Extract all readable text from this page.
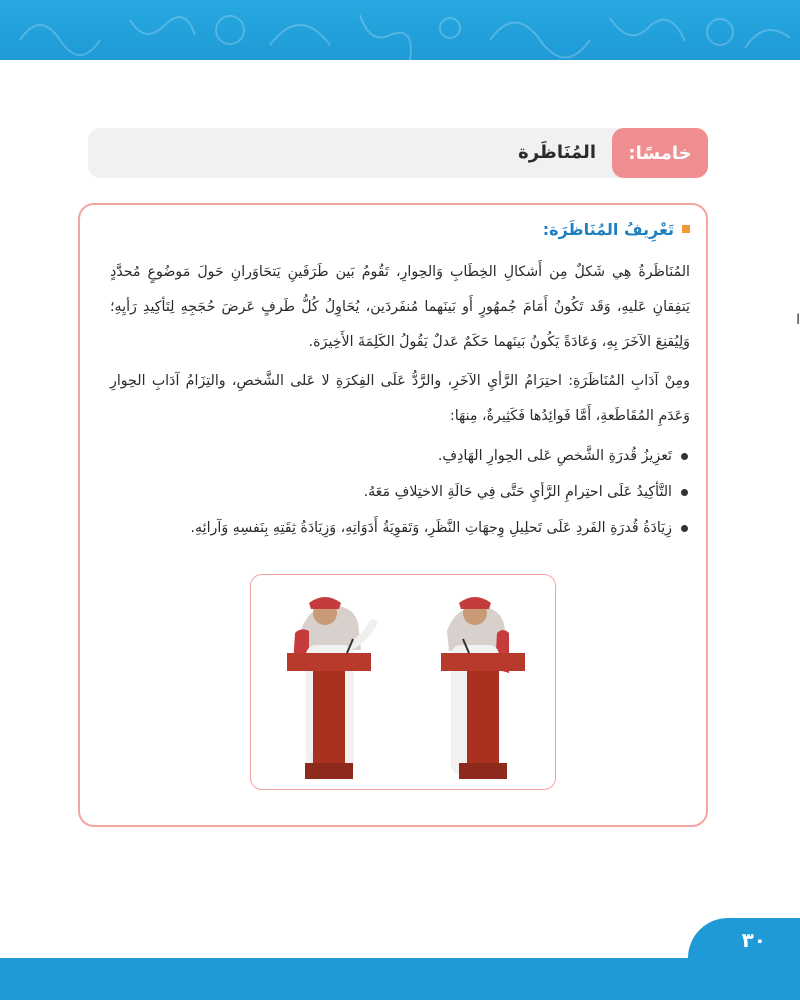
خامسًا:
المُنَاظَرة
تَعْرِيفُ المُنَاظَرَة:

المُنَاظَرةُ هِي شَكلٌ مِن أَشكالِ الخِطَابِ وَالحِوارِ، تَقُومُ بَين طَرَفَينِ يَتحَاوَرانِ حَولَ مَوضُوعٍ مُحدَّدٍ يَتفِقانِ عَليهِ، وَقَد تَكُونُ أَمَامَ جُمهُورٍ أَو بَينَهما مُنفَردَين، يُحَاوِلُ كُلُّ طَرفٍ عَرضَ حُجَجِهِ لِتَأكِيدِ رَأيِهِ؛ وَلِيُقنِعَ الآخَرَ بِهِ، وَعَادَةً يَكُونُ بَينَهما حَكَمٌ عَدلٌ يَقُولُ الكَلِمَةَ الأَخِيرَة.

ومِنْ آدَابِ المُنَاظَرَةِ: احتِرَامُ الرَّأيِ الآخَرِ، والرَّدُّ عَلَى الفِكرَةِ لا عَلى الشَّخصِ، والتِزَامُ آدَابِ الحِوارِ وَعَدَمِ المُقَاطَعةِ، أَمَّا فَوائِدُها فَكَثِيرةٌ، مِنهَا:

تَعزِيزُ قُدرَةِ الشَّخصِ عَلى الحِوارِ الهَادِفِ.
التَّأكِيدُ عَلَى احتِرامِ الرَّأيِ حَتَّى فِي حَالَةِ الاختِلافِ مَعَهُ.
زِيَادَةُ قُدرَةِ الفَردِ عَلَى تَحلِيلِ وِجهَاتِ النَّظَرِ، وَتَقوِيَةُ أَدَوَاتِهِ، وَزِيَادَةُ ثِقَتِهِ بِنَفسِهِ وَآرائِهِ.
ا
٣٠
